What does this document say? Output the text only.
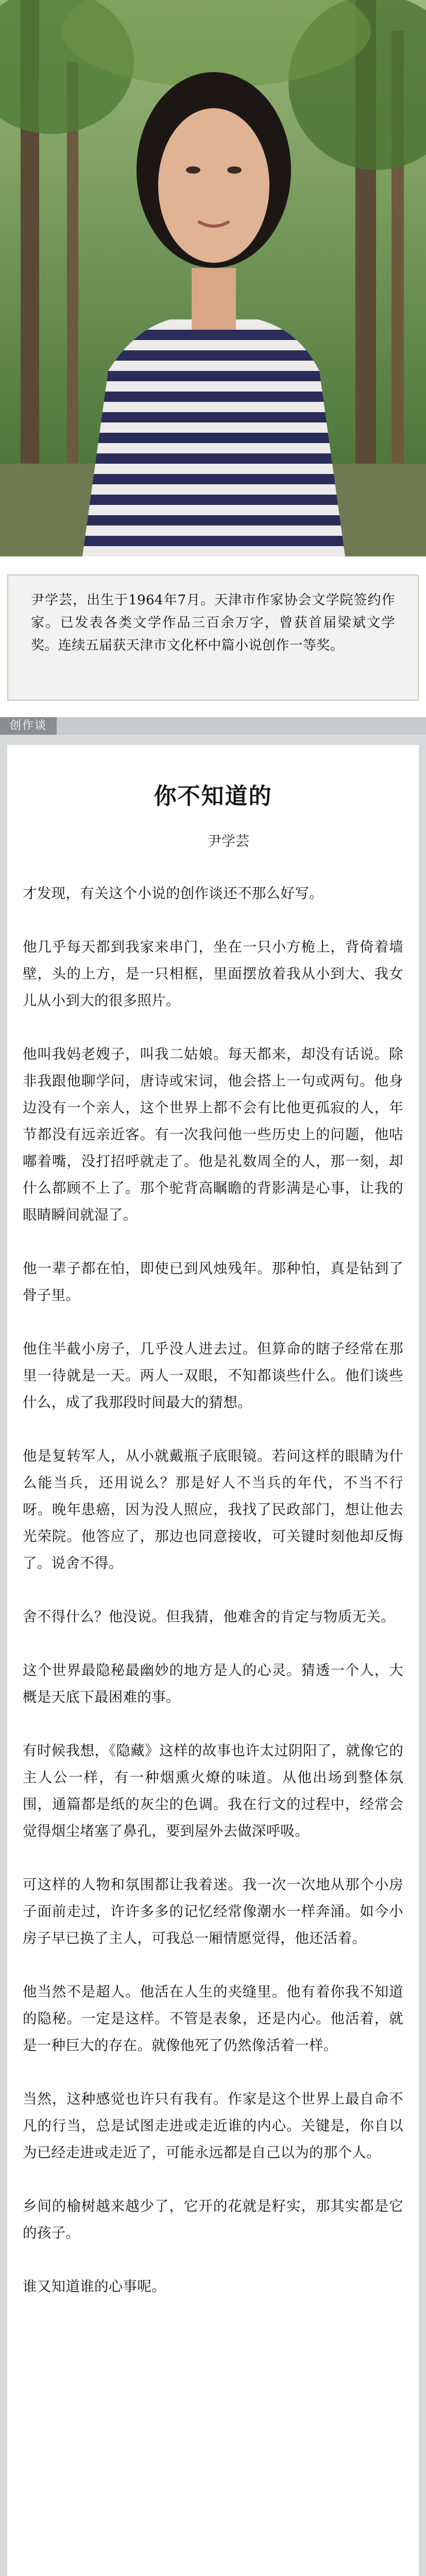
尹学芸，出生于1964年7月。天津市作家协会文学院签约作家。已发表各类文学作品三百余万字，曾获首届梁斌文学奖。连续五届获天津市文化杯中篇小说创作一等奖。
创作谈
你不知道的
尹学芸

才发现，有关这个小说的创作谈还不那么好写。

他几乎每天都到我家来串门，坐在一只小方桅上，背倚着墙壁，头的上方，是一只相框，里面摆放着我从小到大、我女儿从小到大的很多照片。

他叫我妈老嫂子，叫我二姑娘。每天都来，却没有话说。除非我跟他聊学问，唐诗或宋词，他会搭上一句或两句。他身边没有一个亲人，这个世界上都不会有比他更孤寂的人，年节都没有远亲近客。有一次我问他一些历史上的问题，他咕嘟着嘴，没打招呼就走了。他是礼数周全的人，那一刻，却什么都顾不上了。那个驼背高瞩瞻的背影满是心事，让我的眼睛瞬间就湿了。

他一辈子都在怕，即使已到风烛残年。那种怕，真是钻到了骨子里。

他住半截小房子，几乎没人进去过。但算命的瞎子经常在那里一待就是一天。两人一双眼，不知都谈些什么。他们谈些什么，成了我那段时间最大的猜想。

他是复转军人，从小就戴瓶子底眼镜。若问这样的眼睛为什么能当兵，还用说么？那是好人不当兵的年代，不当不行呀。晚年患癌，因为没人照应，我找了民政部门，想让他去光荣院。他答应了，那边也同意接收，可关键时刻他却反悔了。说舍不得。

舍不得什么？他没说。但我猜，他难舍的肯定与物质无关。

这个世界最隐秘最幽妙的地方是人的心灵。猜透一个人，大概是天底下最困难的事。

有时候我想，《隐藏》这样的故事也许太过阴阳了，就像它的主人公一样，有一种烟熏火燎的味道。从他出场到整体氛围，通篇都是纸的灰尘的色调。我在行文的过程中，经常会觉得烟尘堵塞了鼻孔，要到屋外去做深呼吸。

可这样的人物和氛围都让我着迷。我一次一次地从那个小房子面前走过，许许多多的记忆经常像潮水一样奔涌。如今小房子早已换了主人，可我总一厢情愿觉得，他还活着。

他当然不是超人。他活在人生的夹缝里。他有着你我不知道的隐秘。一定是这样。不管是表象，还是内心。他活着，就是一种巨大的存在。就像他死了仍然像活着一样。

当然，这种感觉也许只有我有。作家是这个世界上最自命不凡的行当，总是试图走进或走近谁的内心。关键是，你自以为已经走进或走近了，可能永远都是自己以为的那个人。

乡间的榆树越来越少了，它开的花就是籽实，那其实都是它的孩子。

谁又知道谁的心事呢。
